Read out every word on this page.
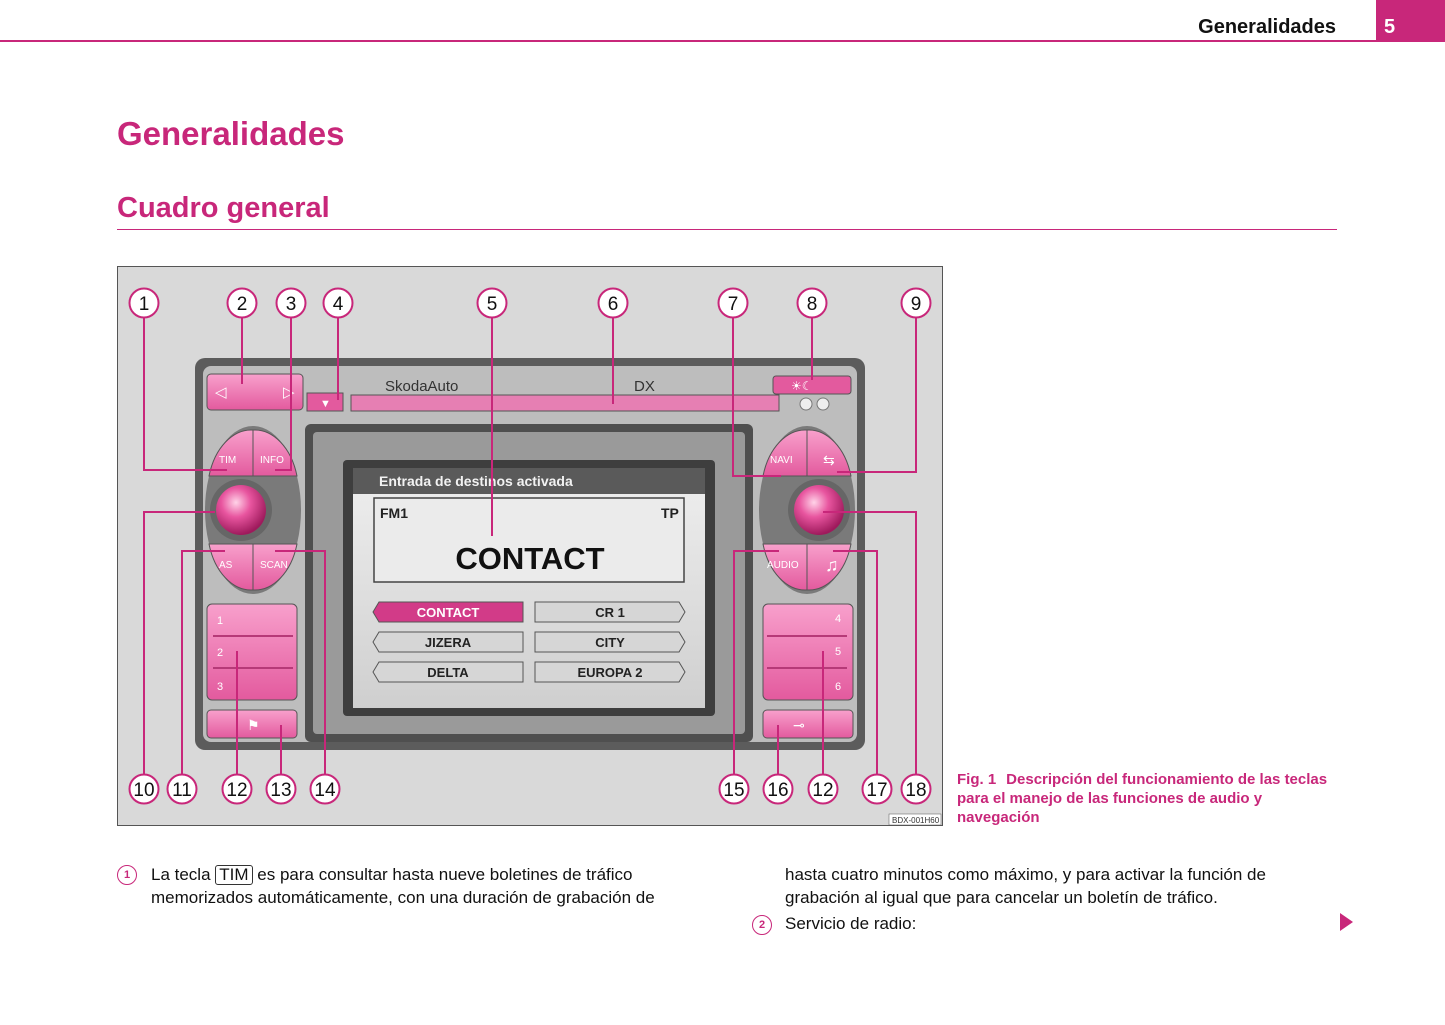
Generalidades 5
Generalidades
Cuadro general
◁	▷
▼
SkodaAuto	DX	☀☾
TIM INFO
AS	SCAN
1
2
3
⚑
NAVI ⇆
AUDIO ♫
4
5
6
⊸
Entrada de destinos activada
FM1	TP
CONTACT
CONTACT	CR 1
JIZERA	CITY
DELTA	EUROPA 2
1	2 3 4	5	6	7	8	9
10 11 12 13 14	15 16 12 17 18
BDX-001H60
Fig. 1 Descripción del funcionamiento de las teclas para el manejo de las funciones de audio y navegación
1	La tecla TIM es para consultar hasta nueve boletines de tráfico
memorizados automáticamente, con una duración de grabación de
hasta cuatro minutos como máximo, y para activar la función de
grabación al igual que para cancelar un boletín de tráfico.
2	Servicio de radio:
